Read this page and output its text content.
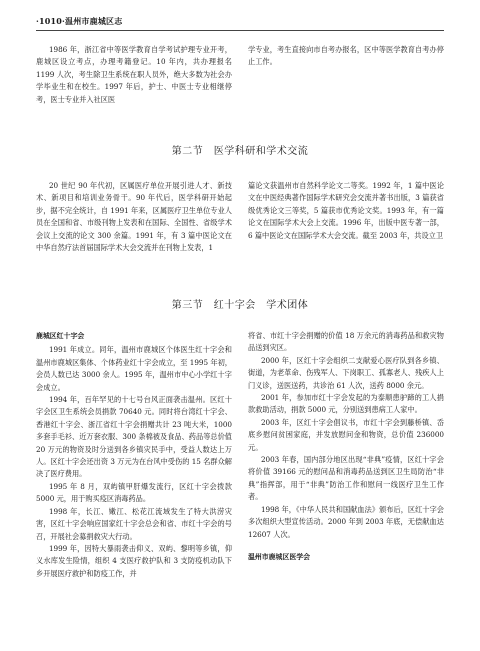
·1010·温州市鹿城区志

1986 年，浙江省中等医学教育自学考试护理专业开考，鹿城区设立考点，办理考籍登记。10 年内，共办理报名 1199 人次，考生除卫生系统在职人员外，绝大多数为社会办学毕业生和在校生。1997 年后，护士、中医士专业相继停考，医士专业并入社区医

学专业，考生直接向市自考办报名，区中等医学教育自考办停止工作。

第二节　医学科研和学术交流

20 世纪 90 年代初，区属医疗单位开展引进人才、新技术、新项目和培训业务骨干。90 年代后，医学科研开始起步，据不完全统计，自 1991 年来，区属医疗卫生单位专业人员在全国和省、市级刊物上发表和在国际、全国性、省级学术会议上交流的论文 300 余篇。1991 年，有 3 篇中医论文在中华自然疗法首届国际学术大会交流并在刊物上发表，1

篇论文获温州市自然科学论文二等奖。1992 年，1 篇中医论文在中医经典著作国际学术研究会交流并著书出版，3 篇获省级优秀论文三等奖，5 篇获市优秀论文奖。1993 年，有一篇论文在国际学术大会上交流。1996 年，出版中医专著一部，6 篇中医论文在国际学术大会交流。截至 2003 年，共设立卫

第三节　红十字会　学术团体
鹿城区红十字会

1991 年成立。同年，温州市鹿城区个体医生红十字会和温州市鹿城区集体、个体药业红十字会成立，至 1995 年初，会员人数已达 3000 余人。1995 年，温州市中心小学红十字会成立。

1994 年，百年罕见的十七号台风正面袭击温州。区红十字会区卫生系统会员捐款 70640 元。同时将台湾红十字会、香港红十字会、浙江省红十字会捐赠共计 23 吨大米，1000 多套手毛衫、近万套衣服、300 条棉被及食品、药品等总价值 20 万元的物资及时分送到各乡镇灾民手中，受益人数达上万人。区红十字会还出资 3 万元为在台风中受伤的 15 名群众解决了医疗费用。

1995 年 8 月，双屿镇甲肝爆发流行，区红十字会拨款 5000 元，用于购买疫区消毒药品。

1998 年，长江、嫩江、松花江流域发生了特大洪涝灾害，区红十字会响应国家红十字会总会和省、市红十字会的号召，开展社会募捐救灾大行动。

1999 年，因特大暴雨袭击仰义、双屿、黎明等乡镇，仰义水库发生险情，组织 4 支医疗救护队和 3 支防疫机动队下乡开展医疗救护和防疫工作，并

将省、市红十字会捐赠的价值 18 万余元的消毒药品和救灾物品送到灾区。

2000 年，区红十字会组织二支献爱心医疗队到各乡镇、街道，为老革命、伤残军人、下岗职工、孤寡老人、残疾人上门义诊，送医送药，共诊治 61 人次，送药 8000 余元。

2001 年，参加市红十字会发起的为泰顺患驴蹄的工人捐款救助活动，捐款 5000 元，分别送到患病工人家中。

2003 年，区红十字会倡议书，市红十字会到藤桥镇、岙底乡慰问贫困家庭，并发放慰问金和物资，总价值 236000 元。

2003 年春，国内部分地区出现“非典”疫情，区红十字会将价值 39166 元的慰问品和消毒药品送到区卫生局防治“非典”指挥部，用于“非典”防治工作和慰问一线医疗卫生工作者。

1998 年，《中华人民共和国献血法》颁布后，区红十字会多次组织大型宣传活动。2000 年到 2003 年底，无偿献血达 12607 人次。

温州市鹿城区医学会
